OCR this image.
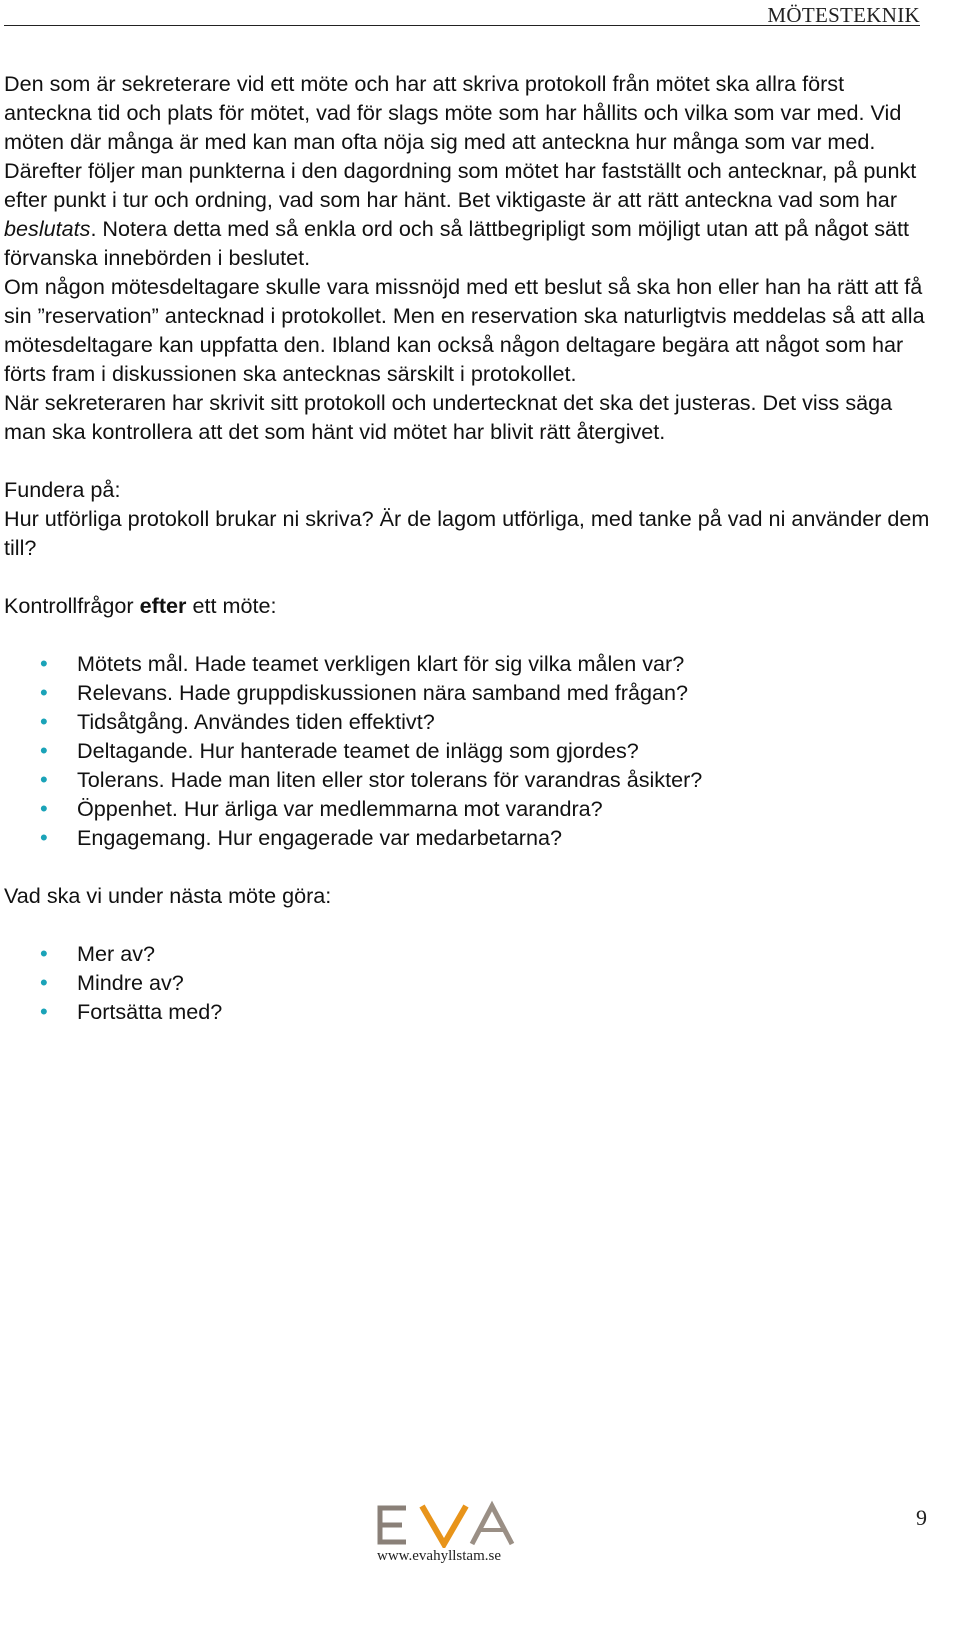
MÖTESTEKNIK

Den som är sekreterare vid ett möte och har att skriva protokoll från mötet ska allra först anteckna tid och plats för mötet, vad för slags möte som har hållits och vilka som var med. Vid möten där många är med kan man ofta nöja sig med att anteckna hur många som var med.

Därefter följer man punkterna i den dagordning som mötet har fastställt och antecknar, på punkt efter punkt i tur och ordning, vad som har hänt. Bet viktigaste är att rätt anteckna vad som har beslutats. Notera detta med så enkla ord och så lättbegripligt som möjligt utan att på något sätt förvanska innebörden i beslutet.

Om någon mötesdeltagare skulle vara missnöjd med ett beslut så ska hon eller han ha rätt att få sin ”reservation” antecknad i protokollet. Men en reservation ska naturligtvis meddelas så att alla mötesdeltagare kan uppfatta den. Ibland kan också någon deltagare begära att något som har förts fram i diskussionen ska antecknas särskilt i protokollet.

När sekreteraren har skrivit sitt protokoll och undertecknat det ska det justeras. Det viss säga man ska kontrollera att det som hänt vid mötet har blivit rätt återgivet.

Fundera på:

Hur utförliga protokoll brukar ni skriva? Är de lagom utförliga, med tanke på vad ni använder dem till?

Kontrollfrågor efter ett möte:

• Mötets mål. Hade teamet verkligen klart för sig vilka målen var?
• Relevans. Hade gruppdiskussionen nära samband med frågan?
• Tidsåtgång. Användes tiden effektivt?
• Deltagande. Hur hanterade teamet de inlägg som gjordes?
• Tolerans. Hade man liten eller stor tolerans för varandras åsikter?
• Öppenhet. Hur ärliga var medlemmarna mot varandra?
• Engagemang. Hur engagerade var medarbetarna?

Vad ska vi under nästa möte göra:

• Mer av?
• Mindre av?
• Fortsätta med?
9
www.evahyllstam.se
